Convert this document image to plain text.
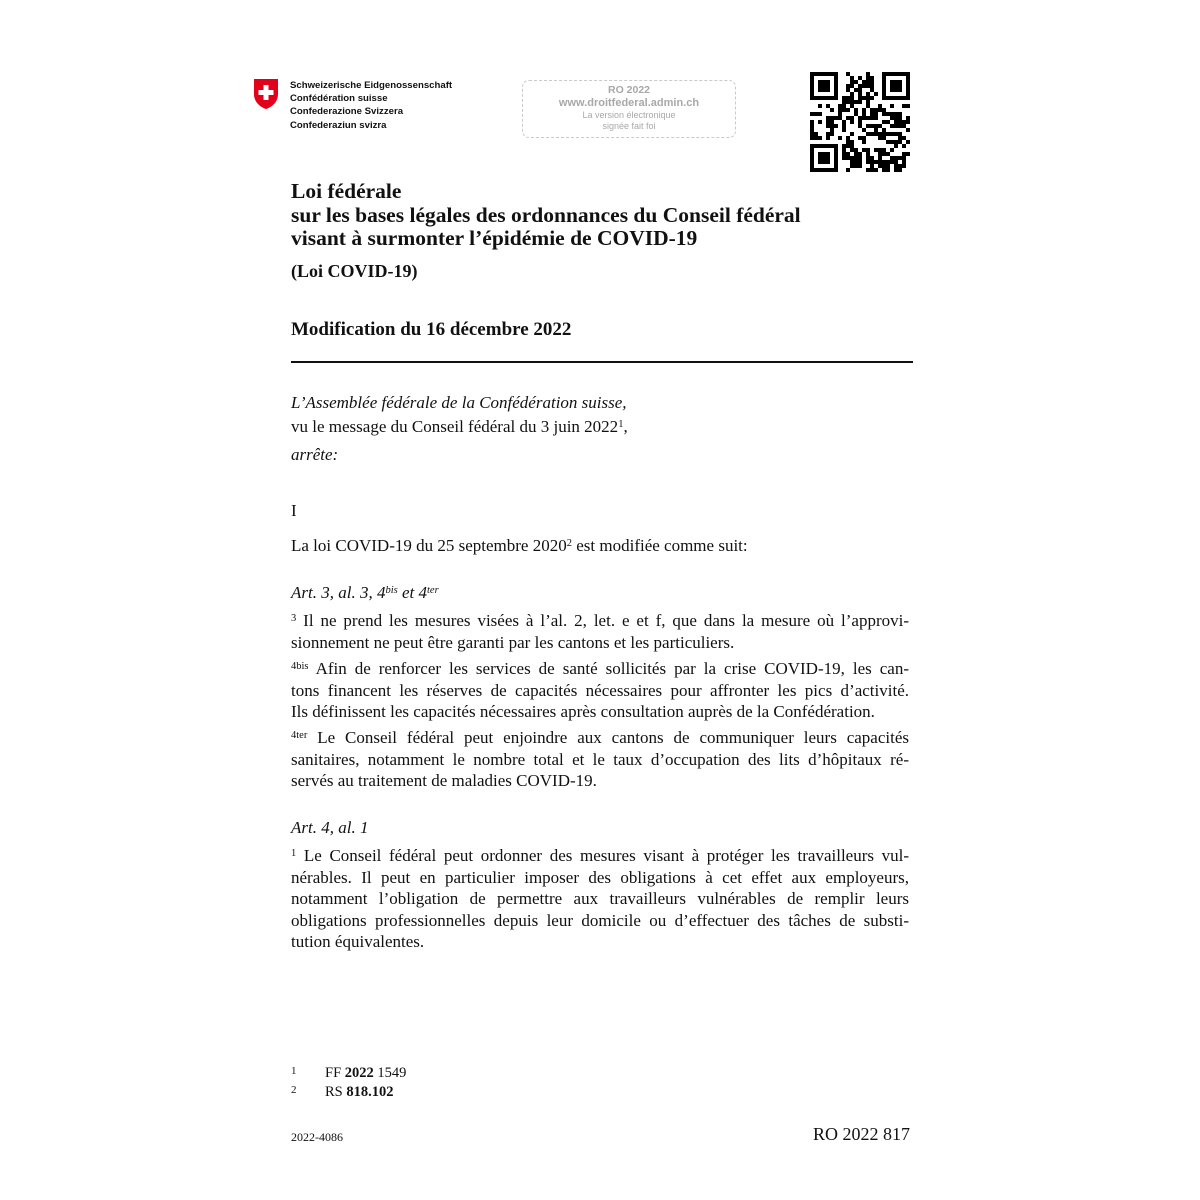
Schweizerische Eidgenossenschaft
Confédération suisse
Confederazione Svizzera
Confederaziun svizra
RO 2022
www.droitfederal.admin.ch
La version électronique
signée fait foi
Loi fédérale
sur les bases légales des ordonnances du Conseil fédéral
visant à surmonter l’épidémie de COVID-19
(Loi COVID-19)
Modification du 16 décembre 2022
L’Assemblée fédérale de la Confédération suisse,
vu le message du Conseil fédéral du 3 juin 2022$^1$,
arrête:
I
La loi COVID-19 du 25 septembre 2020$^2$ est modifiée comme suit:
Art. 3, al. 3, $4^{bis}$ et $4^{ter}$
$^3$ Il ne prend les mesures visées à l’al. 2, let. e et f, que dans la mesure où l’approvi-
sionnement ne peut être garanti par les cantons et les particuliers.
$^{4bis}$ Afin de renforcer les services de santé sollicités par la crise COVID-19, les can-
tons financent les réserves de capacités nécessaires pour affronter les pics d’activité.
Ils définissent les capacités nécessaires après consultation auprès de la Confédération.
$^{4ter}$ Le Conseil fédéral peut enjoindre aux cantons de communiquer leurs capacités
sanitaires, notamment le nombre total et le taux d’occupation des lits d’hôpitaux ré-
servés au traitement de maladies COVID-19.
Art. 4, al. 1
$^1$ Le Conseil fédéral peut ordonner des mesures visant à protéger les travailleurs vul-
nérables. Il peut en particulier imposer des obligations à cet effet aux employeurs,
notamment l’obligation de permettre aux travailleurs vulnérables de remplir leurs
obligations professionnelles depuis leur domicile ou d’effectuer des tâches de substi-
tution équivalentes.
1 FF 2022 1549
2 RS 818.102
2022-4086	RO 2022 817
